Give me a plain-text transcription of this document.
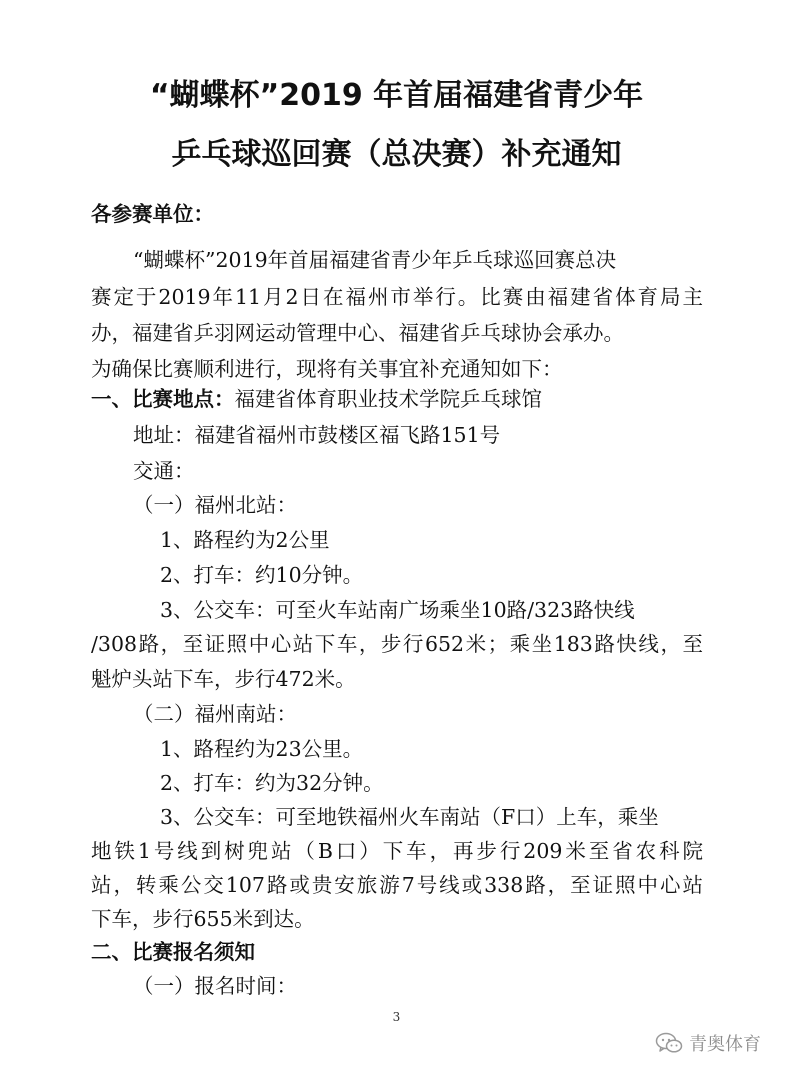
“蝴蝶杯”2019 年首届福建省青少年
乒乓球巡回赛（总决赛）补充通知
各参赛单位：
“蝴蝶杯”2019年首届福建省青少年乒乓球巡回赛总决
赛定于2019年11月2日在福州市举行。比赛由福建省体育局主
办，福建省乒羽网运动管理中心、福建省乒乓球协会承办。
为确保比赛顺利进行，现将有关事宜补充通知如下：
一、比赛地点：福建省体育职业技术学院乒乓球馆
地址：福建省福州市鼓楼区福飞路151号
交通：
（一）福州北站：
1、路程约为2公里
2、打车：约10分钟。
3、公交车：可至火车站南广场乘坐10路/323路快线
/308路，至证照中心站下车，步行652米；乘坐183路快线，至
魁炉头站下车，步行472米。
（二）福州南站：
1、路程约为23公里。
2、打车：约为32分钟。
3、公交车：可至地铁福州火车南站（F口）上车，乘坐
地铁1号线到树兜站（B口）下车，再步行209米至省农科院
站，转乘公交107路或贵安旅游7号线或338路，至证照中心站
下车，步行655米到达。
二、比赛报名须知
（一）报名时间：
3
青奥体育
